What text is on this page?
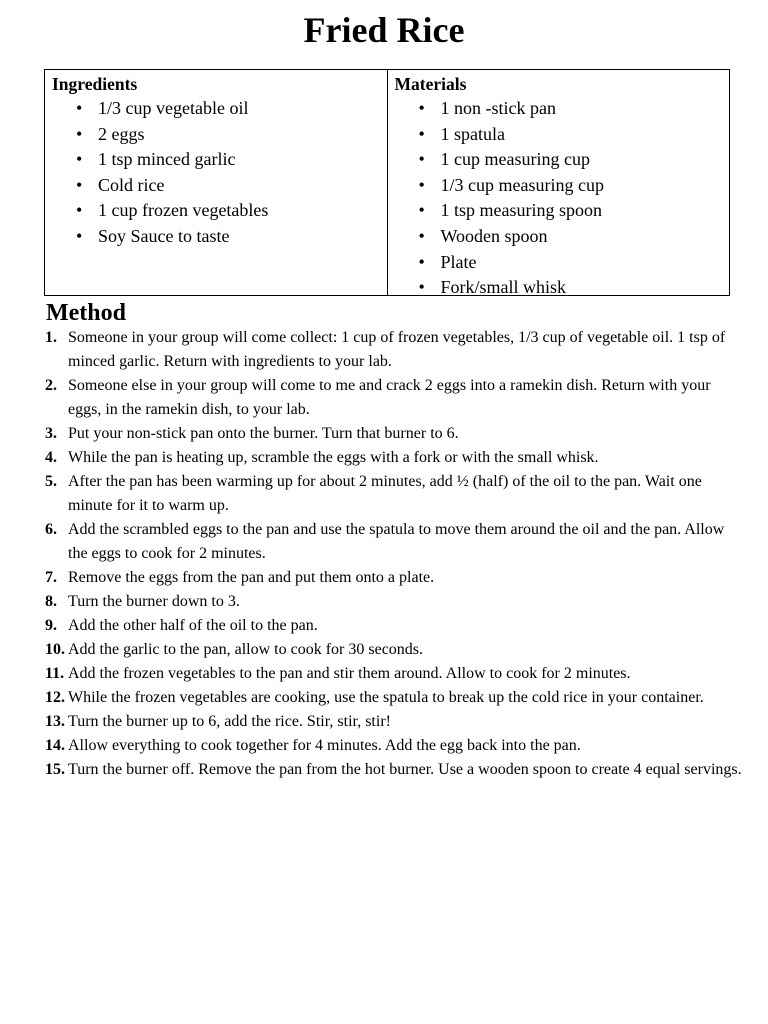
Fried Rice
Ingredients
• 1/3 cup vegetable oil
• 2 eggs
• 1 tsp minced garlic
• Cold rice
• 1 cup frozen vegetables
• Soy Sauce to taste
Materials
• 1 non -stick pan
• 1 spatula
• 1 cup measuring cup
• 1/3 cup measuring cup
• 1 tsp measuring spoon
• Wooden spoon
• Plate
• Fork/small whisk
Method
1. Someone in your group will come collect: 1 cup of frozen vegetables, 1/3 cup of vegetable oil. 1 tsp of minced garlic. Return with ingredients to your lab.
2. Someone else in your group will come to me and crack 2 eggs into a ramekin dish. Return with your eggs, in the ramekin dish, to your lab.
3. Put your non-stick pan onto the burner. Turn that burner to 6.
4. While the pan is heating up, scramble the eggs with a fork or with the small whisk.
5. After the pan has been warming up for about 2 minutes, add ½ (half) of the oil to the pan. Wait one minute for it to warm up.
6. Add the scrambled eggs to the pan and use the spatula to move them around the oil and the pan. Allow the eggs to cook for 2 minutes.
7. Remove the eggs from the pan and put them onto a plate.
8. Turn the burner down to 3.
9. Add the other half of the oil to the pan.
10. Add the garlic to the pan, allow to cook for 30 seconds.
11. Add the frozen vegetables to the pan and stir them around. Allow to cook for 2 minutes.
12. While the frozen vegetables are cooking, use the spatula to break up the cold rice in your container.
13. Turn the burner up to 6, add the rice. Stir, stir, stir!
14. Allow everything to cook together for 4 minutes. Add the egg back into the pan.
15. Turn the burner off. Remove the pan from the hot burner. Use a wooden spoon to create 4 equal servings.
